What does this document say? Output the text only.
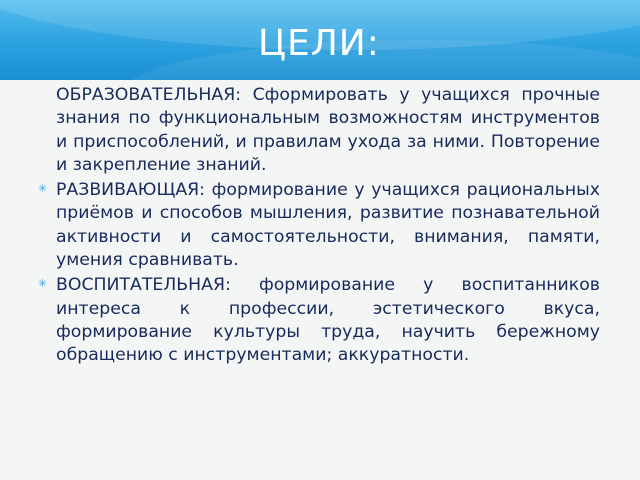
ЦЕЛИ:

ОБРАЗОВАТЕЛЬНАЯ: Сформировать у учащихся прочные знания по функциональным возможностям инструментов и приспособлений, и правилам ухода за ними. Повторение и закрепление знаний.

✳ РАЗВИВАЮЩАЯ: формирование у учащихся рациональных приёмов и способов мышления, развитие познавательной активности и самостоятельности, внимания, памяти, умения сравнивать.

✳ ВОСПИТАТЕЛЬНАЯ: формирование у воспитанников интереса к профессии, эстетического вкуса, формирование культуры труда, научить бережному обращению с инструментами; аккуратности.
